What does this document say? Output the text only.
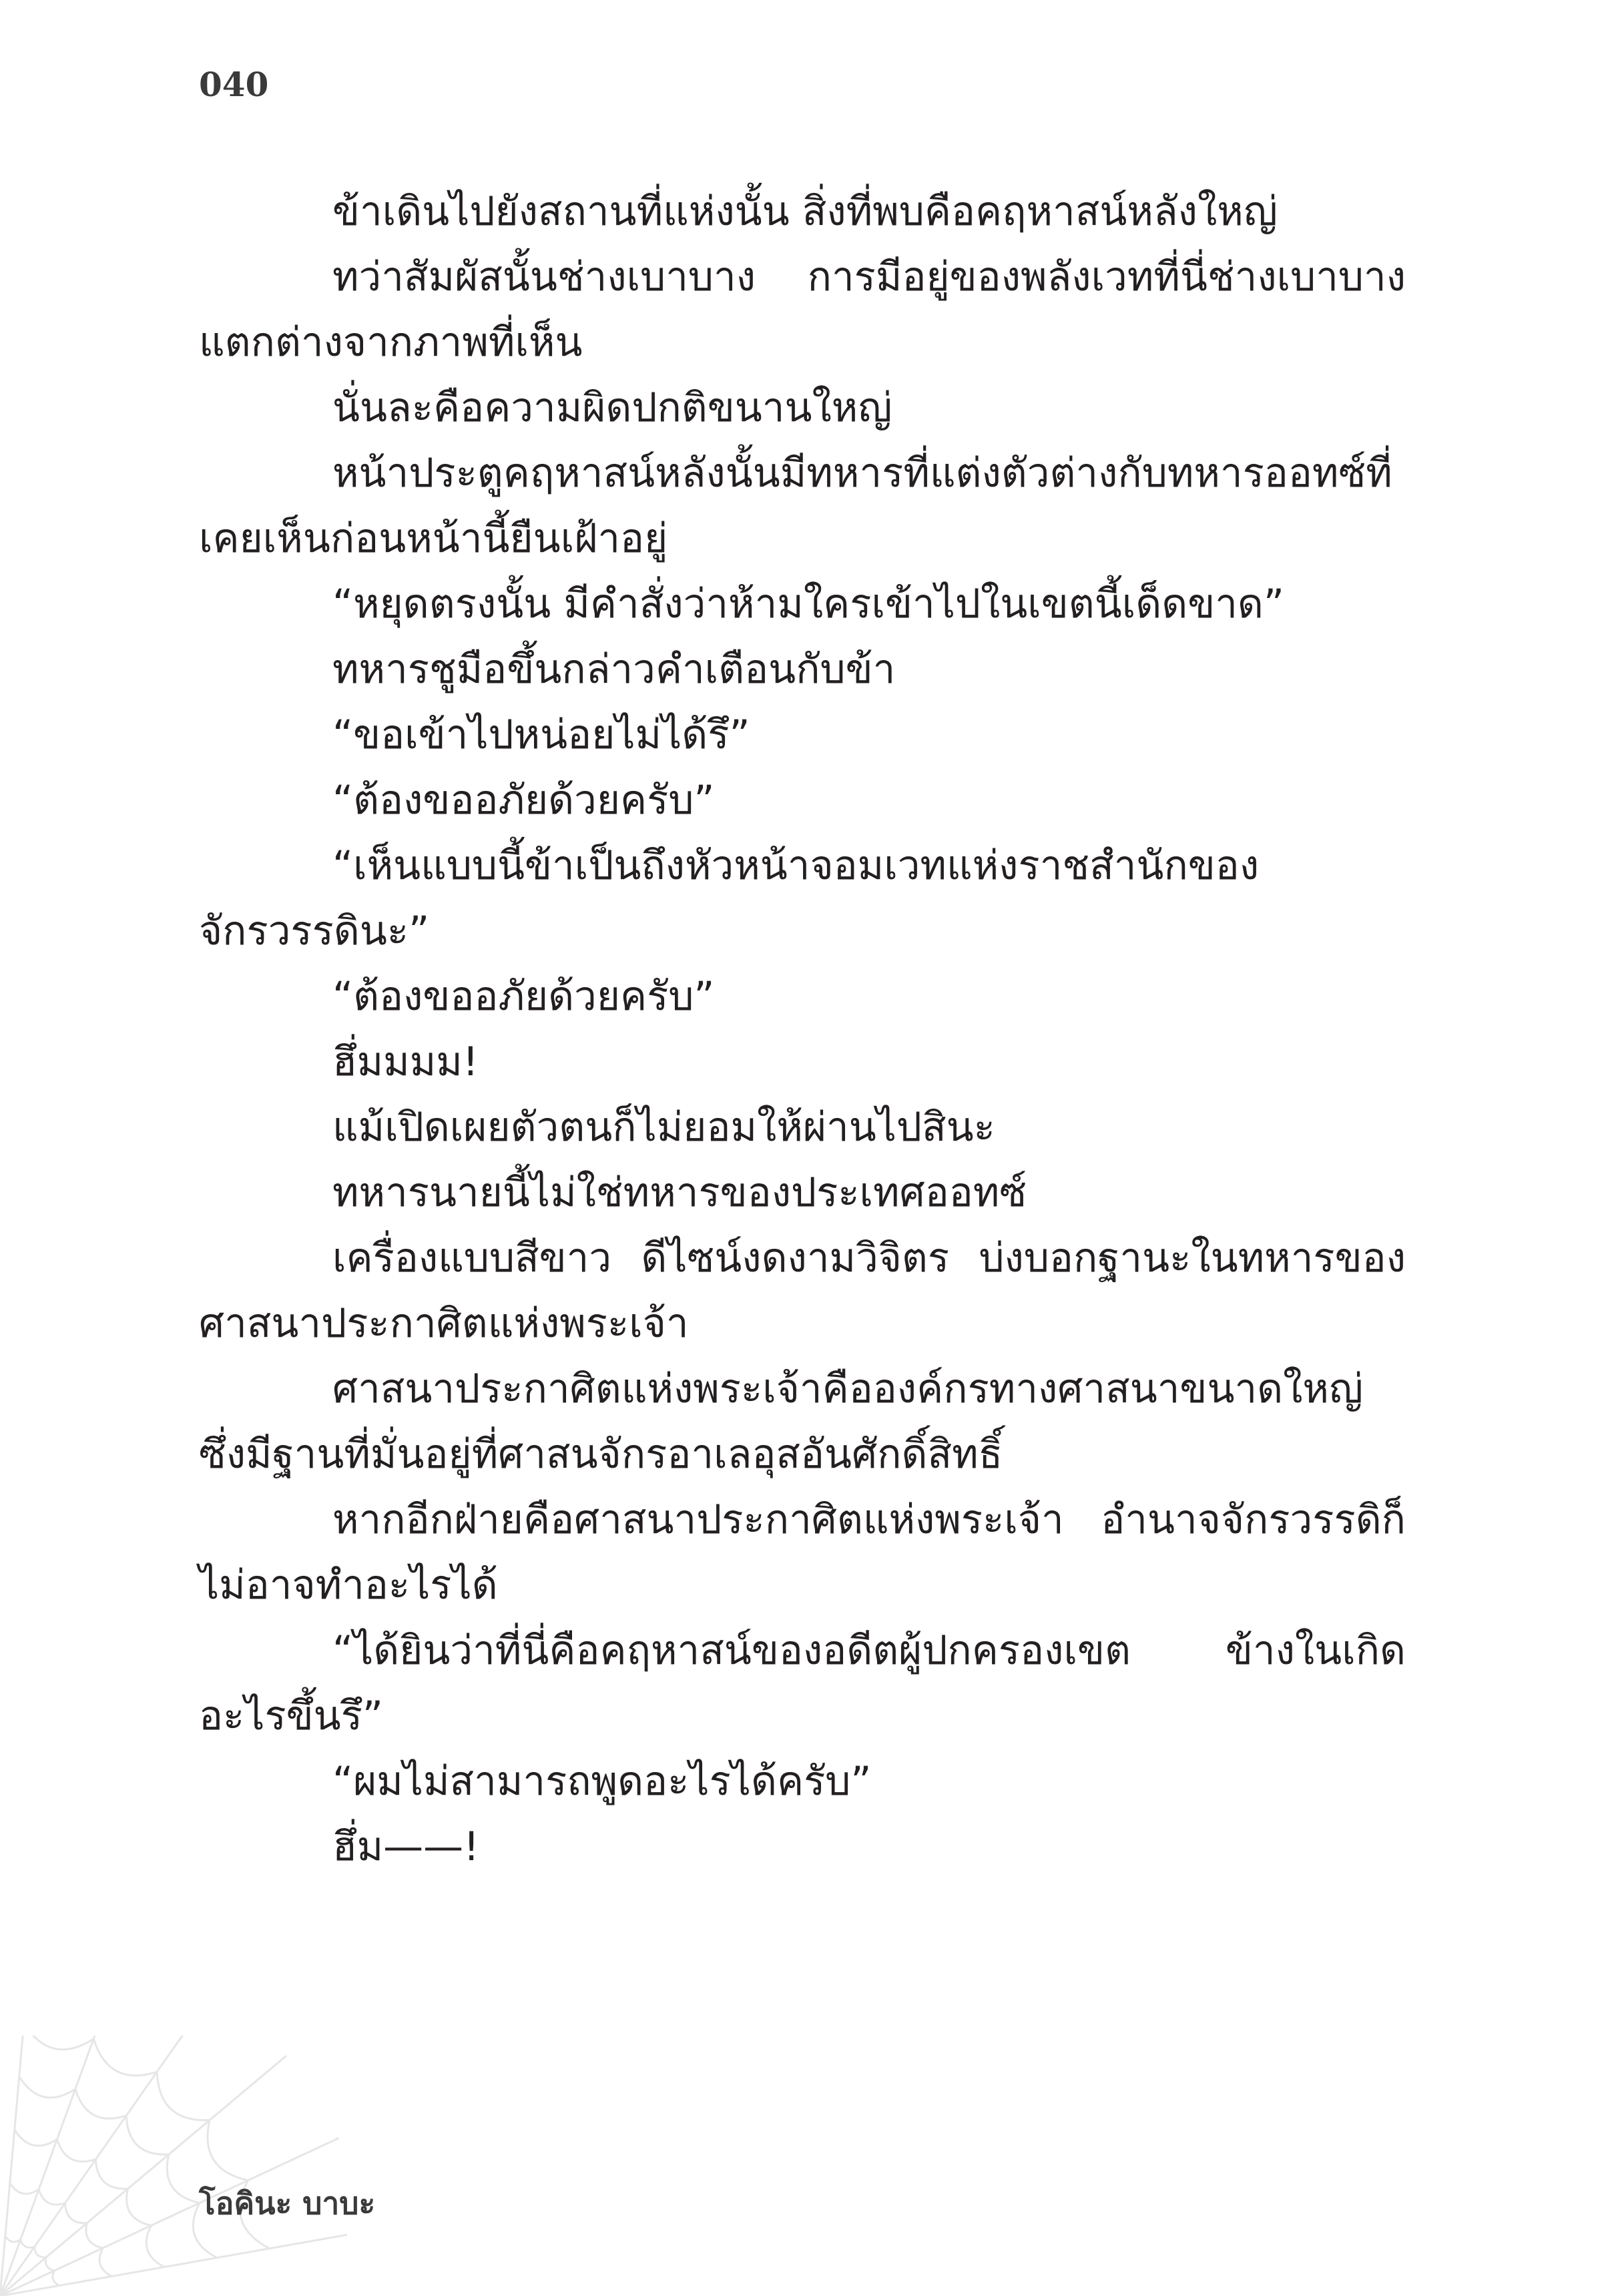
040

ข้าเดินไปยังสถานที่แห่งนั้น สิ่งที่พบคือคฤหาสน์หลังใหญ่

ทว่าสัมผัสนั้นช่างเบาบาง การมีอยู่ของพลังเวทที่นี่ช่างเบาบางแตกต่างจากภาพที่เห็น

นั่นละคือความผิดปกติขนานใหญ่

หน้าประตูคฤหาสน์หลังนั้นมีทหารที่แต่งตัวต่างกับทหารออทซ์ที่เคยเห็นก่อนหน้านี้ยืนเฝ้าอยู่

“หยุดตรงนั้น มีคำสั่งว่าห้ามใครเข้าไปในเขตนี้เด็ดขาด”

ทหารชูมือขึ้นกล่าวคำเตือนกับข้า

“ขอเข้าไปหน่อยไม่ได้รึ”

“ต้องขออภัยด้วยครับ”

“เห็นแบบนี้ข้าเป็นถึงหัวหน้าจอมเวทแห่งราชสำนักของจักรวรรดินะ”

“ต้องขออภัยด้วยครับ”

ฮึ่มมมม!

แม้เปิดเผยตัวตนก็ไม่ยอมให้ผ่านไปสินะ

ทหารนายนี้ไม่ใช่ทหารของประเทศออทซ์

เครื่องแบบสีขาว ดีไซน์งดงามวิจิตร บ่งบอกฐานะในทหารของศาสนาประกาศิตแห่งพระเจ้า

ศาสนาประกาศิตแห่งพระเจ้าคือองค์กรทางศาสนาขนาดใหญ่ซึ่งมีฐานที่มั่นอยู่ที่ศาสนจักรอาเลอุสอันศักดิ์สิทธิ์

หากอีกฝ่ายคือศาสนาประกาศิตแห่งพระเจ้า อำนาจจักรวรรดิก็ไม่อาจทำอะไรได้

“ได้ยินว่าที่นี่คือคฤหาสน์ของอดีตผู้ปกครองเขต ข้างในเกิดอะไรขึ้นรึ”

“ผมไม่สามารถพูดอะไรได้ครับ”

ฮึ่ม——!

โอคินะ บาบะ
